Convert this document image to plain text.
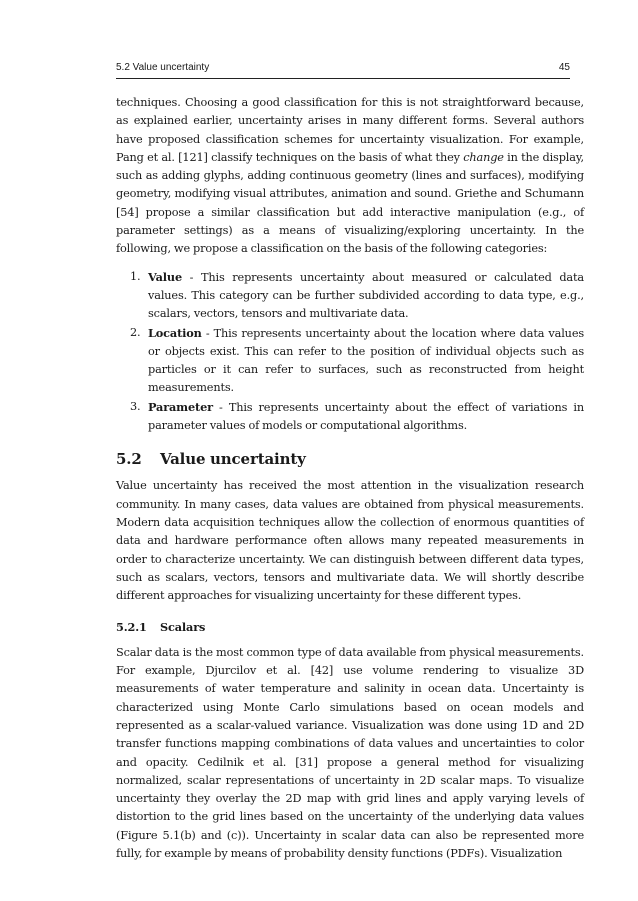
5.2 Value uncertainty	45

techniques. Choosing a good classification for this is not straightforward because, as explained earlier, uncertainty arises in many different forms. Several authors have proposed classification schemes for uncertainty visualization. For example, Pang et al. [121] classify techniques on the basis of what they change in the display, such as adding glyphs, adding continuous geometry (lines and surfaces), modifying geometry, modifying visual attributes, animation and sound. Griethe and Schumann [54] propose a similar classification but add interactive manipulation (e.g., of parameter settings) as a means of visualizing/exploring uncertainty. In the following, we propose a classification on the basis of the following categories:

1. Value - This represents uncertainty about measured or calculated data values. This category can be further subdivided according to data type, e.g., scalars, vectors, tensors and multivariate data.
2. Location - This represents uncertainty about the location where data values or objects exist. This can refer to the position of individual objects such as particles or it can refer to surfaces, such as reconstructed from height measurements.
3. Parameter - This represents uncertainty about the effect of variations in parameter values of models or computational algorithms.
5.2 Value uncertainty

Value uncertainty has received the most attention in the visualization research community. In many cases, data values are obtained from physical measurements. Modern data acquisition techniques allow the collection of enormous quantities of data and hardware performance often allows many repeated measurements in order to characterize uncertainty. We can distinguish between different data types, such as scalars, vectors, tensors and multivariate data. We will shortly describe different approaches for visualizing uncertainty for these different types.

5.2.1 Scalars

Scalar data is the most common type of data available from physical measurements. For example, Djurcilov et al. [42] use volume rendering to visualize 3D measurements of water temperature and salinity in ocean data. Uncertainty is characterized using Monte Carlo simulations based on ocean models and represented as a scalar-valued variance. Visualization was done using 1D and 2D transfer functions mapping combinations of data values and uncertainties to color and opacity. Cedilnik et al. [31] propose a general method for visualizing normalized, scalar representations of uncertainty in 2D scalar maps. To visualize uncertainty they overlay the 2D map with grid lines and apply varying levels of distortion to the grid lines based on the uncertainty of the underlying data values (Figure 5.1(b) and (c)). Uncertainty in scalar data can also be represented more fully, for example by means of probability density functions (PDFs). Visualization
